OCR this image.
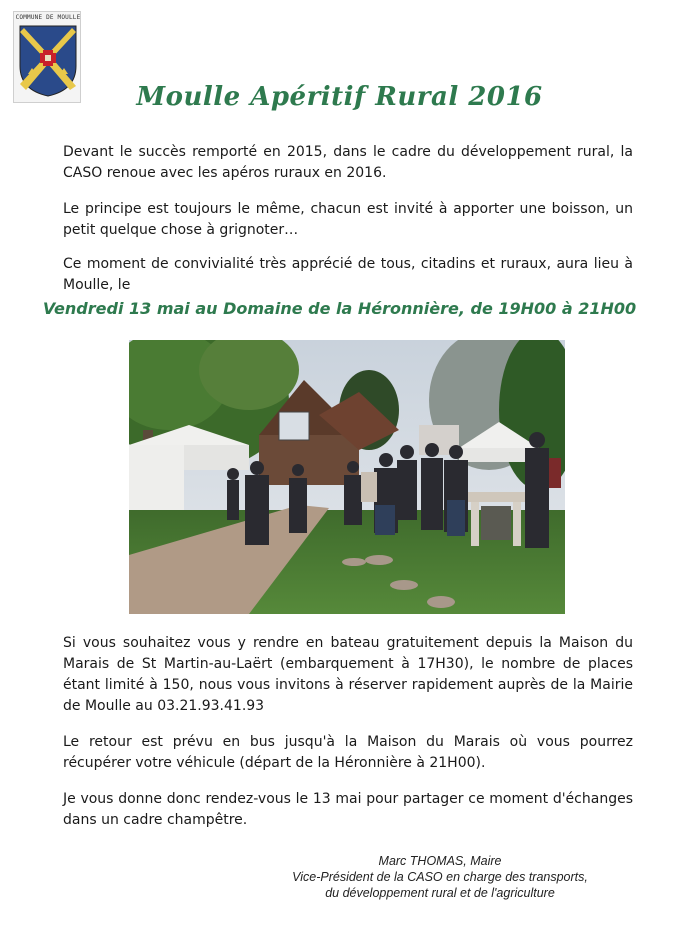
COMMUNE DE MOULLE
Moulle Apéritif Rural 2016

Devant le succès remporté en 2015, dans le cadre du développement rural, la CASO renoue avec les apéros ruraux en 2016.

Le principe est toujours le même, chacun est invité à apporter une boisson, un petit quelque chose à grignoter…

Ce moment de convivialité très apprécié de tous, citadins et ruraux, aura lieu à Moulle, le

Vendredi 13 mai au Domaine de la Héronnière, de 19H00 à 21H00

Si vous souhaitez vous y rendre en bateau gratuitement depuis la Maison du Marais de St Martin-au-Laërt (embarquement à 17H30), le nombre de places étant limité à 150, nous vous invitons à réserver rapidement auprès de la Mairie de Moulle au 03.21.93.41.93

Le retour est prévu en bus jusqu'à la Maison du Marais où vous pourrez récupérer votre véhicule (départ de la Héronnière à 21H00).

Je vous donne donc rendez-vous le 13 mai pour partager ce moment d'échanges dans un cadre champêtre.

Marc THOMAS, Maire
Vice-Président de la CASO en charge des transports,
du développement rural et de l'agriculture
